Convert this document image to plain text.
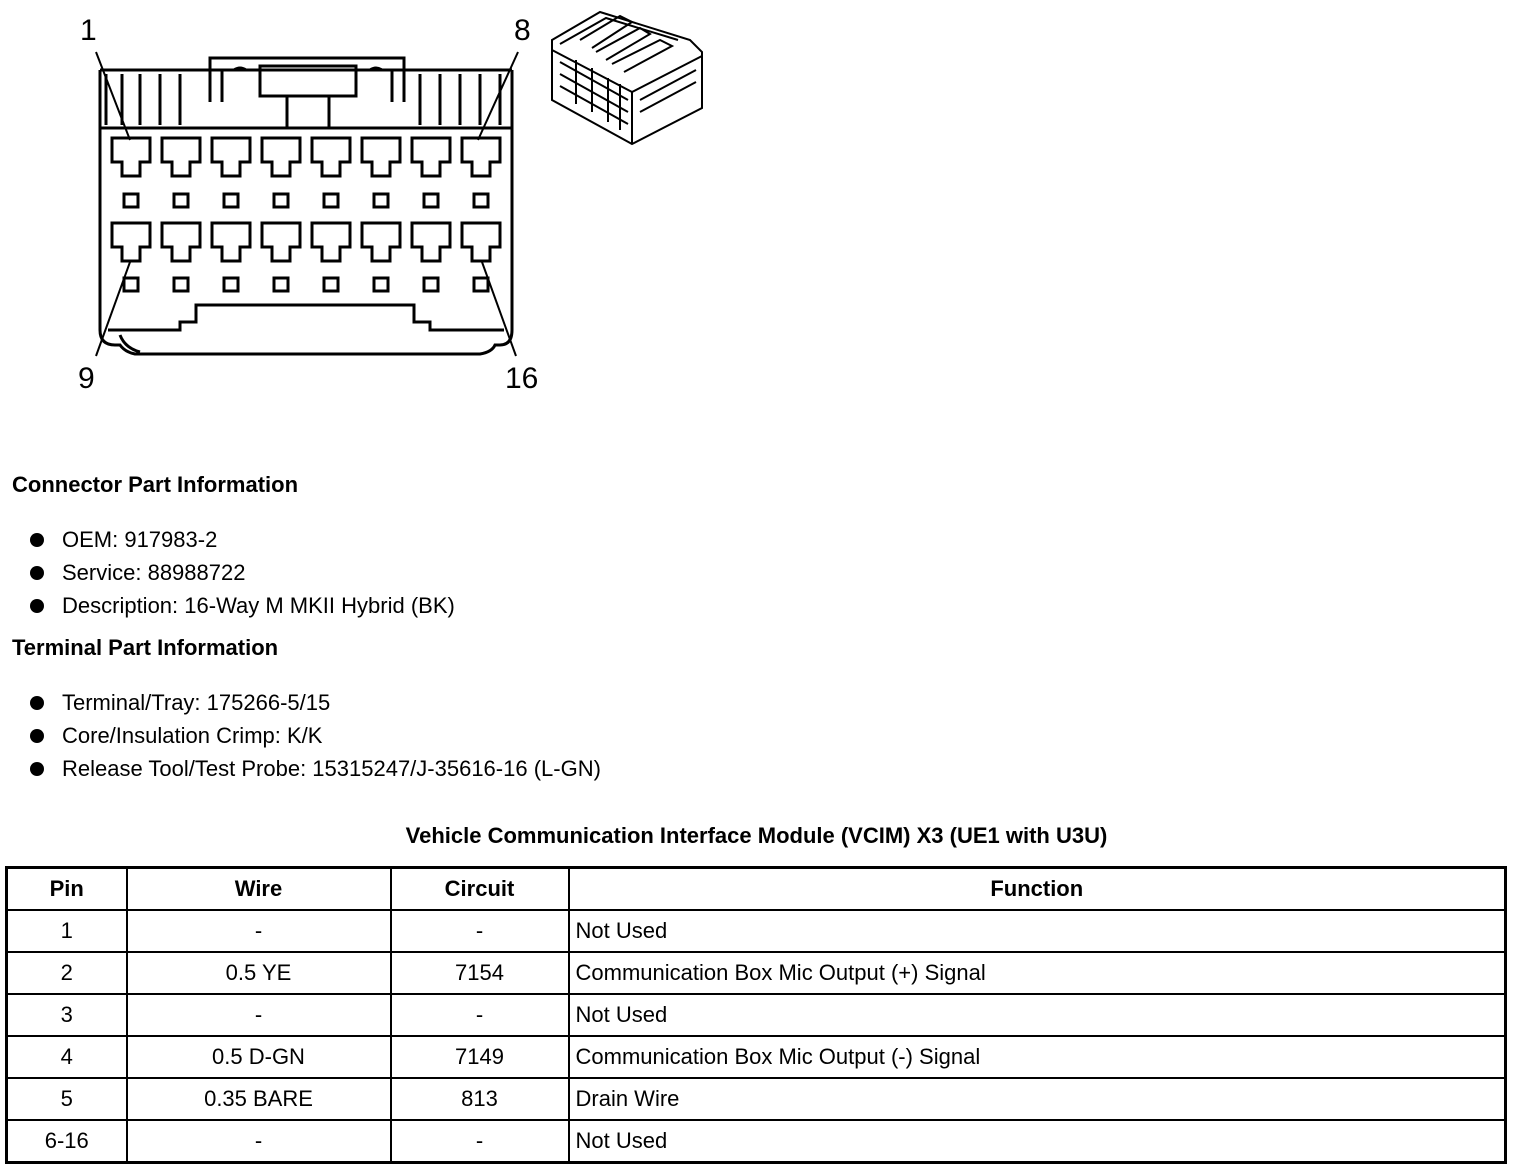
1	8
9	16
Connector Part Information
OEM: 917983-2
Service: 88988722
Description: 16-Way M MKII Hybrid (BK)
Terminal Part Information
Terminal/Tray: 175266-5/15
Core/Insulation Crimp: K/K
Release Tool/Test Probe: 15315247/J-35616-16 (L-GN)
Vehicle Communication Interface Module (VCIM) X3 (UE1 with U3U)
Pin	Wire	Circuit	Function
1	-	-	Not Used
2	0.5 YE	7154	Communication Box Mic Output (+) Signal
3	-	-	Not Used
4	0.5 D-GN	7149	Communication Box Mic Output (-) Signal
5	0.35 BARE	813	Drain Wire
6-16	-	-	Not Used
